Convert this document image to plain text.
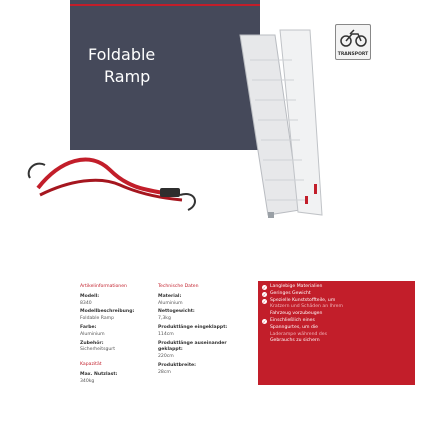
Foldable
Ramp
TRANSPORT
Artikelinformationen
Modell:
8340
Modellbeschreibung:
Foldable Ramp
Farbe:
Aluminium
Zubehör:
Sicherheitsgurt
Kapazität
Max. Nutzlast:
340kg
Technische Daten
Material:
Aluminium
Nettogewicht:
7,3kg
Produktlänge eingeklappt:
114cm
Produktlänge auseinander geklappt:
220cm
Produktbreite:
28cm
✓ Langlebige Materialien
✓ Geringes Gewicht
✓ Spezielle Kunststoffteile, um
Kratzern und Schäden an Ihrem
Fahrzeug vorzubeugen
✓ Einschließlich eines
Spanngurtes, um die
Laderampe während des
Gebrauchs zu sichern
